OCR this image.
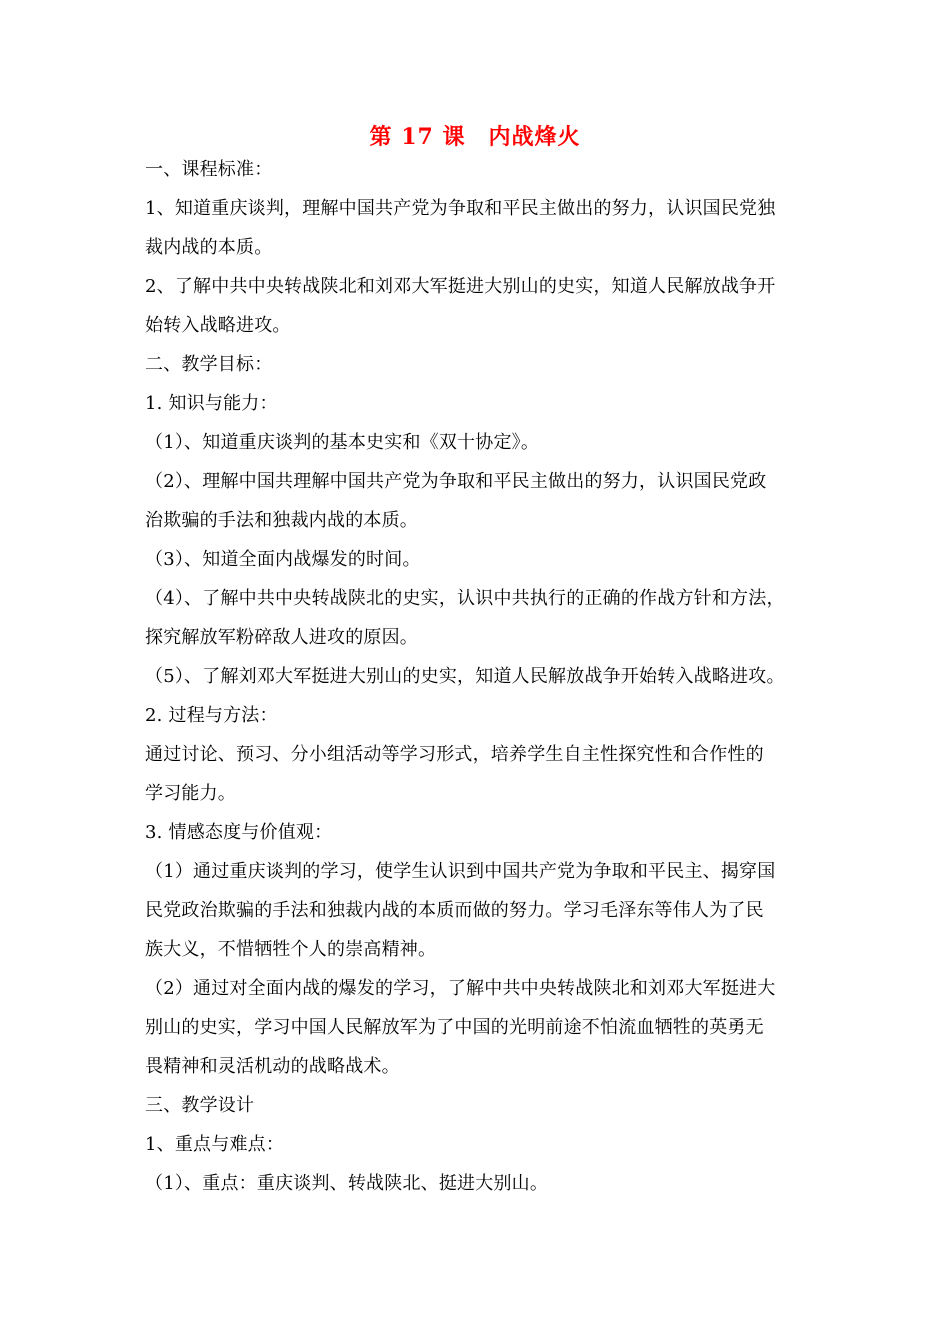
第 17 课　内战烽火
一、课程标准：
1、知道重庆谈判，理解中国共产党为争取和平民主做出的努力，认识国民党独
裁内战的本质。
2、了解中共中央转战陕北和刘邓大军挺进大别山的史实，知道人民解放战争开
始转入战略进攻。
二、教学目标：
1. 知识与能力：
（1）、知道重庆谈判的基本史实和《双十协定》。
（2）、理解中国共理解中国共产党为争取和平民主做出的努力，认识国民党政
治欺骗的手法和独裁内战的本质。
（3）、知道全面内战爆发的时间。
（4）、了解中共中央转战陕北的史实，认识中共执行的正确的作战方针和方法，
探究解放军粉碎敌人进攻的原因。
（5）、了解刘邓大军挺进大别山的史实，知道人民解放战争开始转入战略进攻。
2. 过程与方法：
通过讨论、预习、分小组活动等学习形式，培养学生自主性探究性和合作性的
学习能力。
3. 情感态度与价值观：
（1）通过重庆谈判的学习，使学生认识到中国共产党为争取和平民主、揭穿国
民党政治欺骗的手法和独裁内战的本质而做的努力。学习毛泽东等伟人为了民
族大义，不惜牺牲个人的崇高精神。
（2）通过对全面内战的爆发的学习，了解中共中央转战陕北和刘邓大军挺进大
别山的史实，学习中国人民解放军为了中国的光明前途不怕流血牺牲的英勇无
畏精神和灵活机动的战略战术。
三、教学设计
1、重点与难点：
（1）、重点：重庆谈判、转战陕北、挺进大别山。
